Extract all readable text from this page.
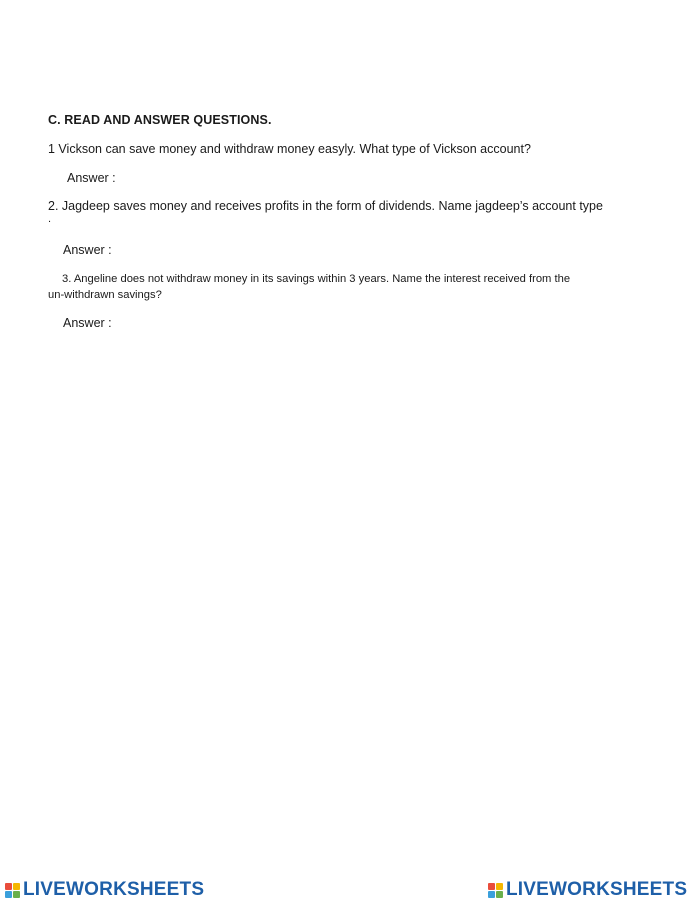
C. READ AND ANSWER QUESTIONS.
1 Vickson can save money and withdraw money easyly. What type of Vickson account?
Answer :
2. Jagdeep saves money and receives profits in the form of dividends. Name jagdeep’s account type
.
Answer :
3. Angeline does not withdraw money in its savings within 3 years. Name the interest received from the
un-withdrawn savings?
Answer :
LIVEWORKSHEETS	LIVEWORKSHEETS
